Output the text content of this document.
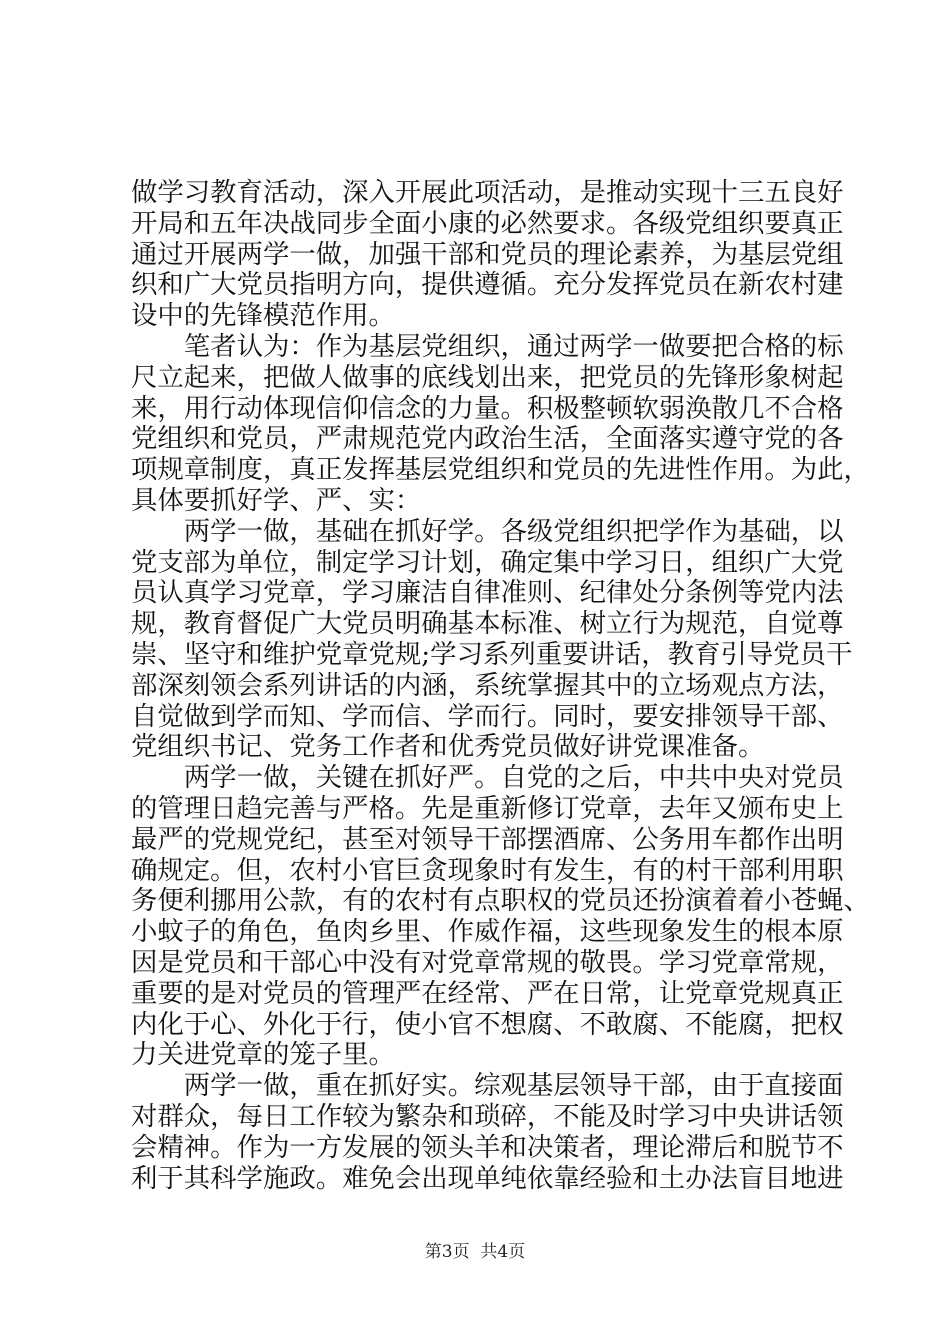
做学习教育活动，深入开展此项活动，是推动实现十三五良好
开局和五年决战同步全面小康的必然要求。各级党组织要真正
通过开展两学一做，加强干部和党员的理论素养，为基层党组
织和广大党员指明方向，提供遵循。充分发挥党员在新农村建
设中的先锋模范作用。
笔者认为：作为基层党组织，通过两学一做要把合格的标
尺立起来，把做人做事的底线划出来，把党员的先锋形象树起
来，用行动体现信仰信念的力量。积极整顿软弱涣散几不合格
党组织和党员，严肃规范党内政治生活，全面落实遵守党的各
项规章制度，真正发挥基层党组织和党员的先进性作用。为此，
具体要抓好学、严、实：
两学一做，基础在抓好学。各级党组织把学作为基础，以
党支部为单位，制定学习计划，确定集中学习日，组织广大党
员认真学习党章，学习廉洁自律准则、纪律处分条例等党内法
规，教育督促广大党员明确基本标准、树立行为规范，自觉尊
崇、坚守和维护党章党规;学习系列重要讲话，教育引导党员干
部深刻领会系列讲话的内涵，系统掌握其中的立场观点方法，
自觉做到学而知、学而信、学而行。同时，要安排领导干部、
党组织书记、党务工作者和优秀党员做好讲党课准备。
两学一做，关键在抓好严。自党的之后，中共中央对党员
的管理日趋完善与严格。先是重新修订党章，去年又颁布史上
最严的党规党纪，甚至对领导干部摆酒席、公务用车都作出明
确规定。但，农村小官巨贪现象时有发生，有的村干部利用职
务便利挪用公款，有的农村有点职权的党员还扮演着着小苍蝇、
小蚊子的角色，鱼肉乡里、作威作福，这些现象发生的根本原
因是党员和干部心中没有对党章常规的敬畏。学习党章常规，
重要的是对党员的管理严在经常、严在日常，让党章党规真正
内化于心、外化于行，使小官不想腐、不敢腐、不能腐，把权
力关进党章的笼子里。
两学一做，重在抓好实。综观基层领导干部，由于直接面
对群众，每日工作较为繁杂和琐碎，不能及时学习中央讲话领
会精神。作为一方发展的领头羊和决策者，理论滞后和脱节不
利于其科学施政。难免会出现单纯依靠经验和土办法盲目地进
第3页 共4页
